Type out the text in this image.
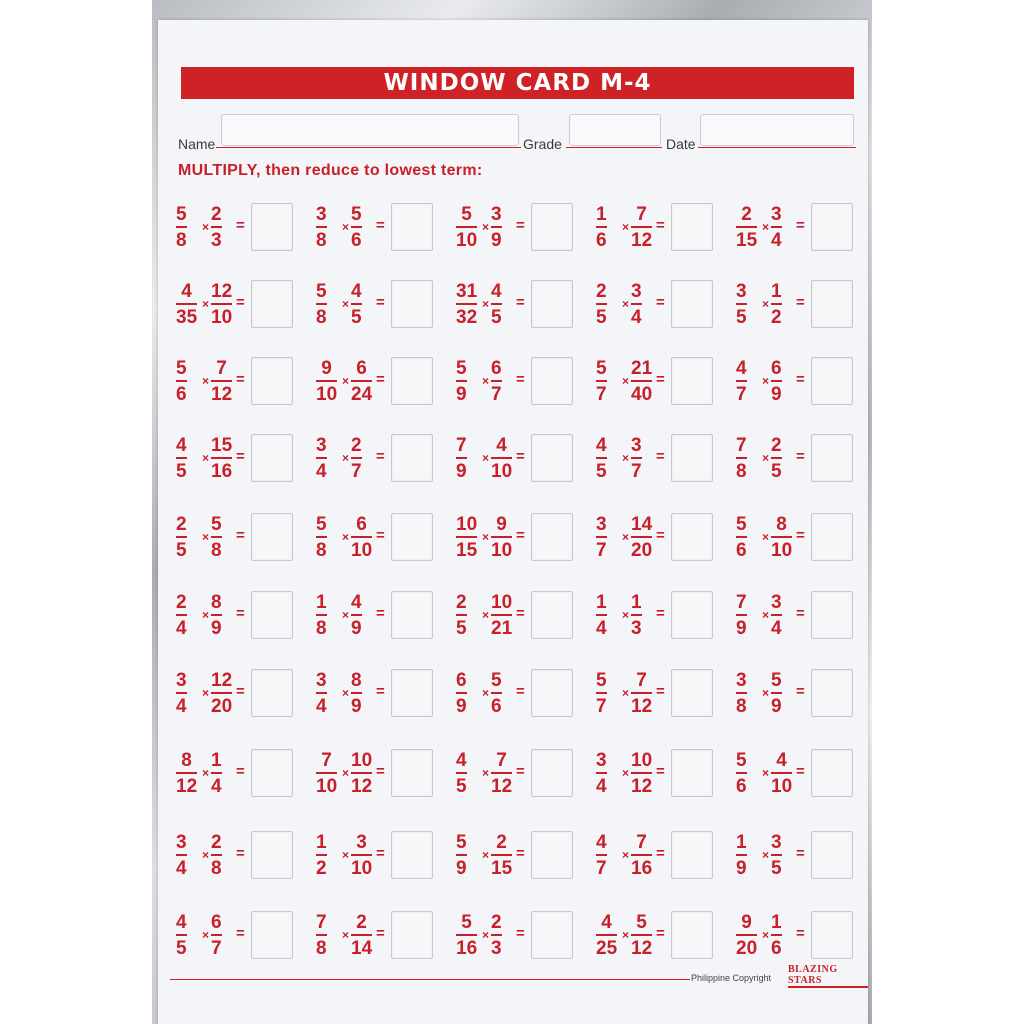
WINDOW CARD M-4
Name	Grade	Date
MULTIPLY, then reduce to lowest term:
5
8
×
2
3
=
3
8
×
5
6
=
5
10
×
3
9
=
1
6
×
7
12
=
2
15
×
3
4
=
4
35
×
12
10
=
5
8
×
4
5
=
31
32
×
4
5
=
2
5
×
3
4
=
3
5
×
1
2
=
5
6
×
7
12
=
9
10
×
6
24
=
5
9
×
6
7
=
5
7
×
21
40
=
4
7
×
6
9
=
4
5
×
15
16
=
3
4
×
2
7
=
7
9
×
4
10
=
4
5
×
3
7
=
7
8
×
2
5
=
2
5
×
5
8
=
5
8
×
6
10
=
10
15
×
9
10
=
3
7
×
14
20
=
5
6
×
8
10
=
2
4
×
8
9
=
1
8
×
4
9
=
2
5
×
10
21
=
1
4
×
1
3
=
7
9
×
3
4
=
3
4
×
12
20
=
3
4
×
8
9
=
6
9
×
5
6
=
5
7
×
7
12
=
3
8
×
5
9
=
8
12
×
1
4
=
7
10
×
10
12
=
4
5
×
7
12
=
3
4
×
10
12
=
5
6
×
4
10
=
3
4
×
2
8
=
1
2
×
3
10
=
5
9
×
2
15
=
4
7
×
7
16
=
1
9
×
3
5
=
4
5
×
6
7
=
7
8
×
2
14
=
5
16
×
2
3
=
4
25
×
5
12
=
9
20
×
1
6
=
Philippine Copyright
BLAZING STARS
